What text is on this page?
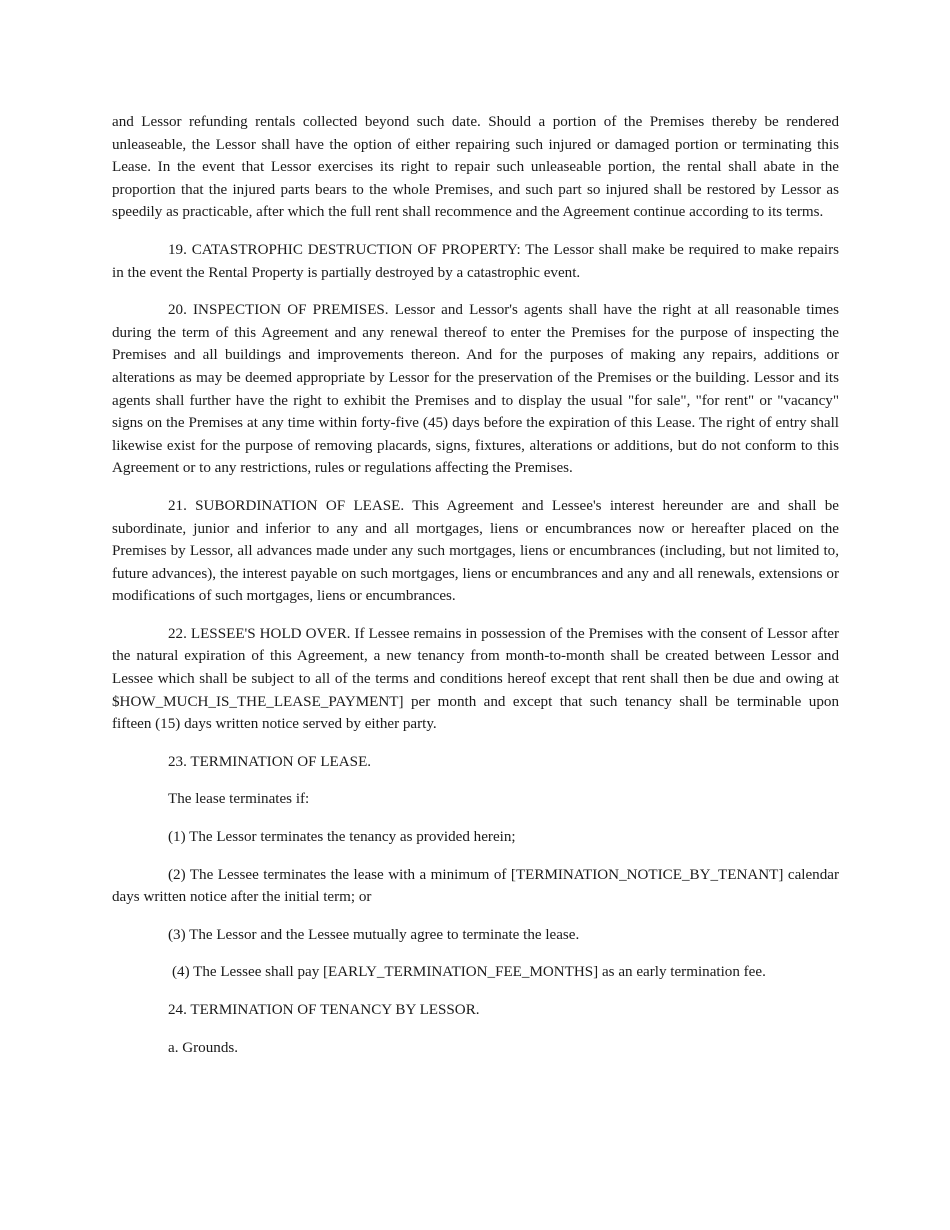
and Lessor refunding rentals collected beyond such date. Should a portion of the Premises thereby be rendered unleaseable, the Lessor shall have the option of either repairing such injured or damaged portion or terminating this Lease. In the event that Lessor exercises its right to repair such unleaseable portion, the rental shall abate in the proportion that the injured parts bears to the whole Premises, and such part so injured shall be restored by Lessor as speedily as practicable, after which the full rent shall recommence and the Agreement continue according to its terms.

19. CATASTROPHIC DESTRUCTION OF PROPERTY: The Lessor shall make be required to make repairs in the event the Rental Property is partially destroyed by a catastrophic event.

20. INSPECTION OF PREMISES. Lessor and Lessor's agents shall have the right at all reasonable times during the term of this Agreement and any renewal thereof to enter the Premises for the purpose of inspecting the Premises and all buildings and improvements thereon. And for the purposes of making any repairs, additions or alterations as may be deemed appropriate by Lessor for the preservation of the Premises or the building. Lessor and its agents shall further have the right to exhibit the Premises and to display the usual "for sale", "for rent" or "vacancy" signs on the Premises at any time within forty-five (45) days before the expiration of this Lease. The right of entry shall likewise exist for the purpose of removing placards, signs, fixtures, alterations or additions, but do not conform to this Agreement or to any restrictions, rules or regulations affecting the Premises.

21. SUBORDINATION OF LEASE. This Agreement and Lessee's interest hereunder are and shall be subordinate, junior and inferior to any and all mortgages, liens or encumbrances now or hereafter placed on the Premises by Lessor, all advances made under any such mortgages, liens or encumbrances (including, but not limited to, future advances), the interest payable on such mortgages, liens or encumbrances and any and all renewals, extensions or modifications of such mortgages, liens or encumbrances.

22. LESSEE'S HOLD OVER. If Lessee remains in possession of the Premises with the consent of Lessor after the natural expiration of this Agreement, a new tenancy from month-to-month shall be created between Lessor and Lessee which shall be subject to all of the terms and conditions hereof except that rent shall then be due and owing at $HOW_MUCH_IS_THE_LEASE_PAYMENT] per month and except that such tenancy shall be terminable upon fifteen (15) days written notice served by either party.

23. TERMINATION OF LEASE.

The lease terminates if:

(1) The Lessor terminates the tenancy as provided herein;

(2) The Lessee terminates the lease with a minimum of [TERMINATION_NOTICE_BY_TENANT] calendar days written notice after the initial term; or

(3) The Lessor and the Lessee mutually agree to terminate the lease.

(4) The Lessee shall pay [EARLY_TERMINATION_FEE_MONTHS] as an early termination fee.

24. TERMINATION OF TENANCY BY LESSOR.

a. Grounds.
